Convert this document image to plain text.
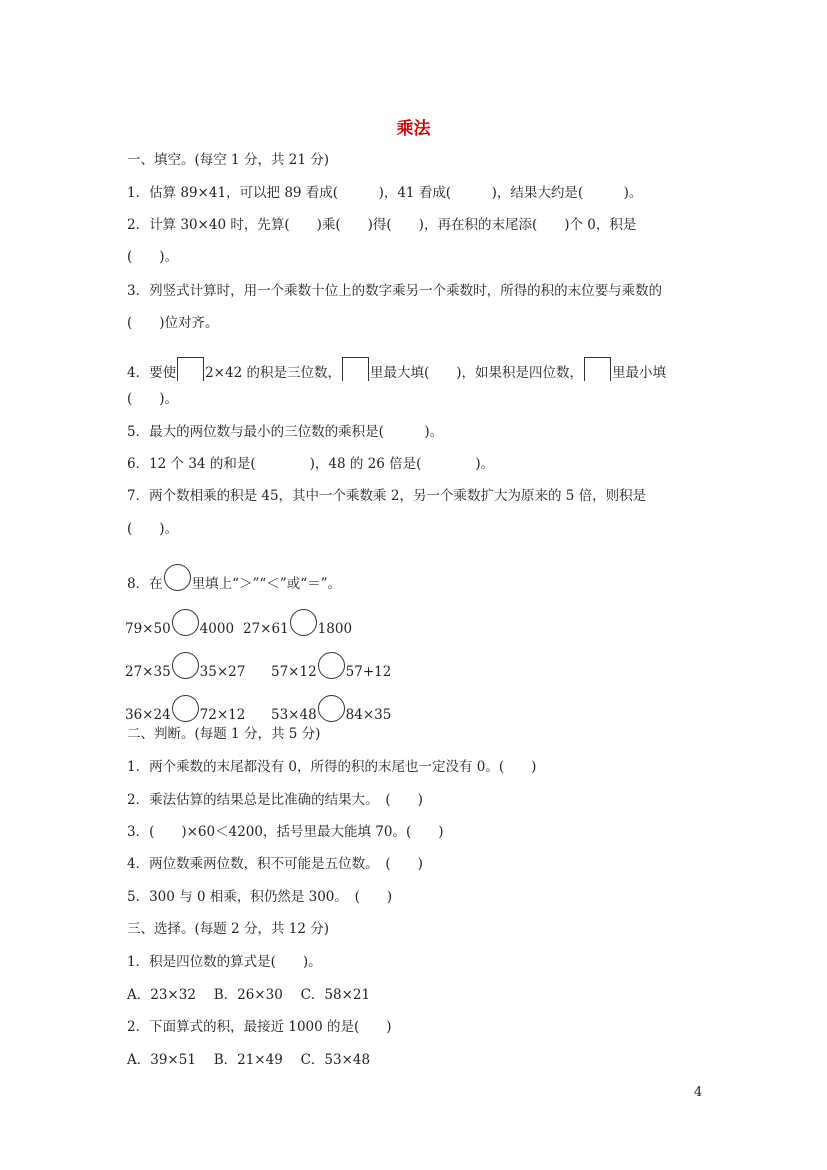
乘法
一、填空。(每空 1 分，共 21 分)
1．估算 89×41，可以把 89 看成(　　　)，41 看成(　　　)，结果大约是(　　　)。
2．计算 30×40 时，先算(　　)乘(　　)得(　　)，再在积的末尾添(　　)个 0，积是
(　　)。
3．列竖式计算时，用一个乘数十位上的数字乘另一个乘数时，所得的积的末位要与乘数的
(　　)位对齐。
4．要使 2×42 的积是三位数， 里最大填(　　)，如果积是四位数， 里最小填
(　　)。
5．最大的两位数与最小的三位数的乘积是(　　　)。
6．12 个 34 的和是(　　　　)，48 的 26 倍是(　　　　)。
7．两个数相乘的积是 45，其中一个乘数乘 2，另一个乘数扩大为原来的 5 倍，则积是
(　　)。
8．在 里填上“＞”“＜”或“＝”。
79×50 4000 27×61 1800
27×35 35×27 57×12 57+12
36×24 72×12 53×48 84×35
二、判断。(每题 1 分，共 5 分)
1．两个乘数的末尾都没有 0，所得的积的末尾也一定没有 0。(　　)
2．乘法估算的结果总是比准确的结果大。　(　　)
3．(　　)×60＜4200，括号里最大能填 70。(　　)
4．两位数乘两位数，积不可能是五位数。　(　　)
5．300 与 0 相乘，积仍然是 300。　(　　)
三、选择。(每题 2 分，共 12 分)
1．积是四位数的算式是(　　)。
A．23×32　 B．26×30　 C．58×21
2．下面算式的积，最接近 1000 的是(　　)
A．39×51　 B．21×49　 C．53×48
4
